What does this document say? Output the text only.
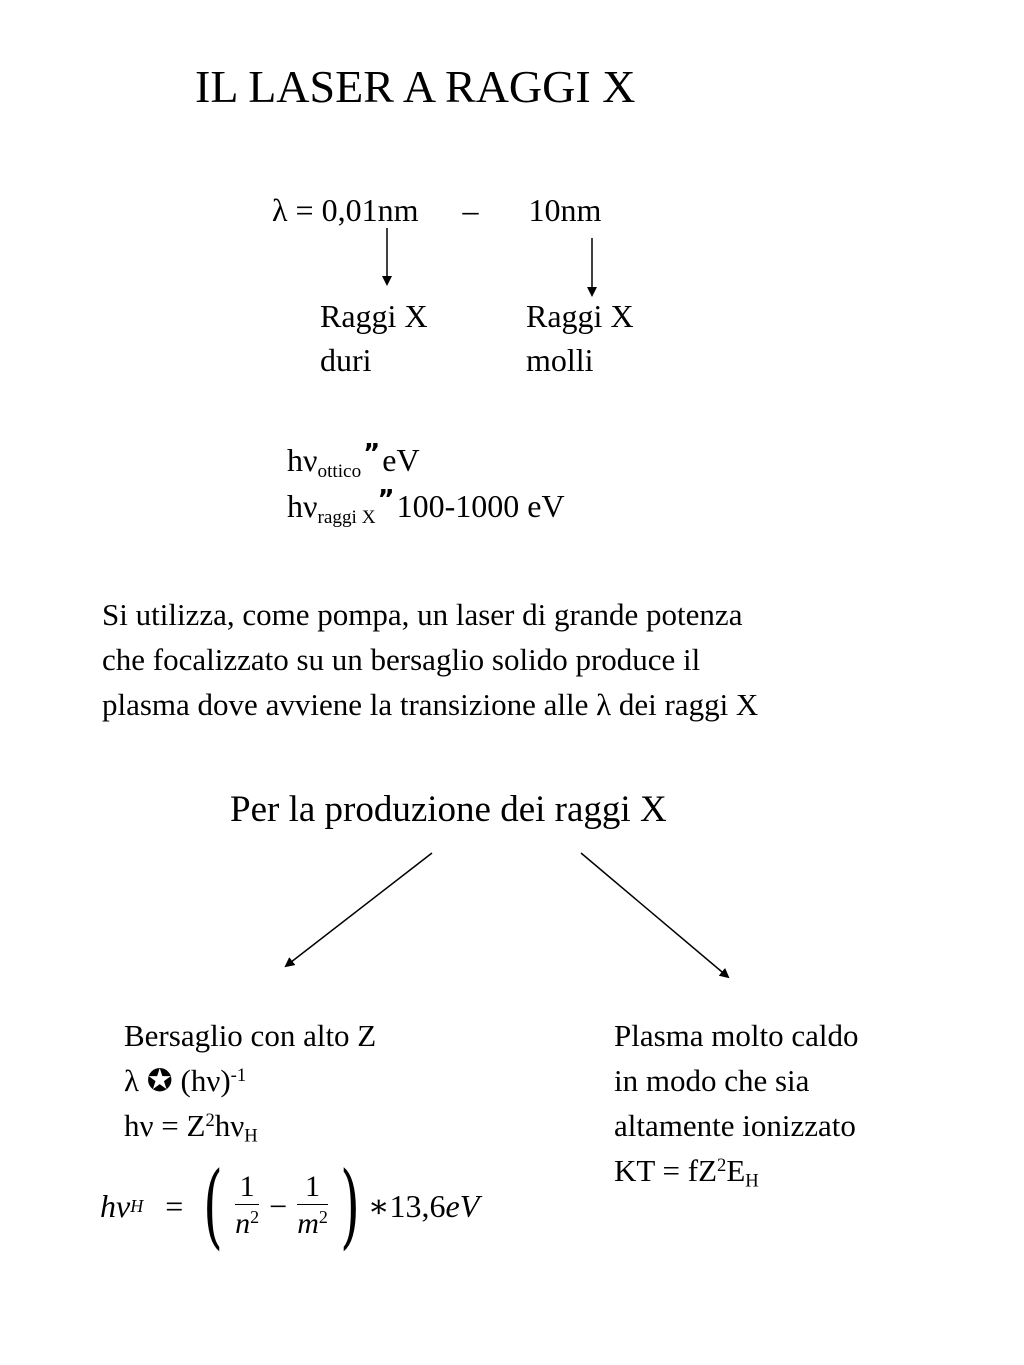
IL LASER A RAGGI X
λ = 0,01nm – 10nm
Raggi X
duri
Raggi X
molli
$h\nu_{ottico}^”eV$
$h\nu_{raggi X}^”100-1000$ eV
Si utilizza, come pompa, un laser di grande potenza
che focalizzato su un bersaglio solido produce il
plasma dove avviene la transizione alle λ dei raggi X
Per la produzione dei raggi X
Bersaglio con alto Z
λ ✪ $(h\nu)^{-1}$
$h\nu = Z^2h\nu_H$
hν H = ( $\frac{1}{n^2} - \frac{1}{m^2}$ ) ∗ 13,6 eV
Plasma molto caldo
in modo che sia
altamente ionizzato
KT = $fZ^2E_H$
